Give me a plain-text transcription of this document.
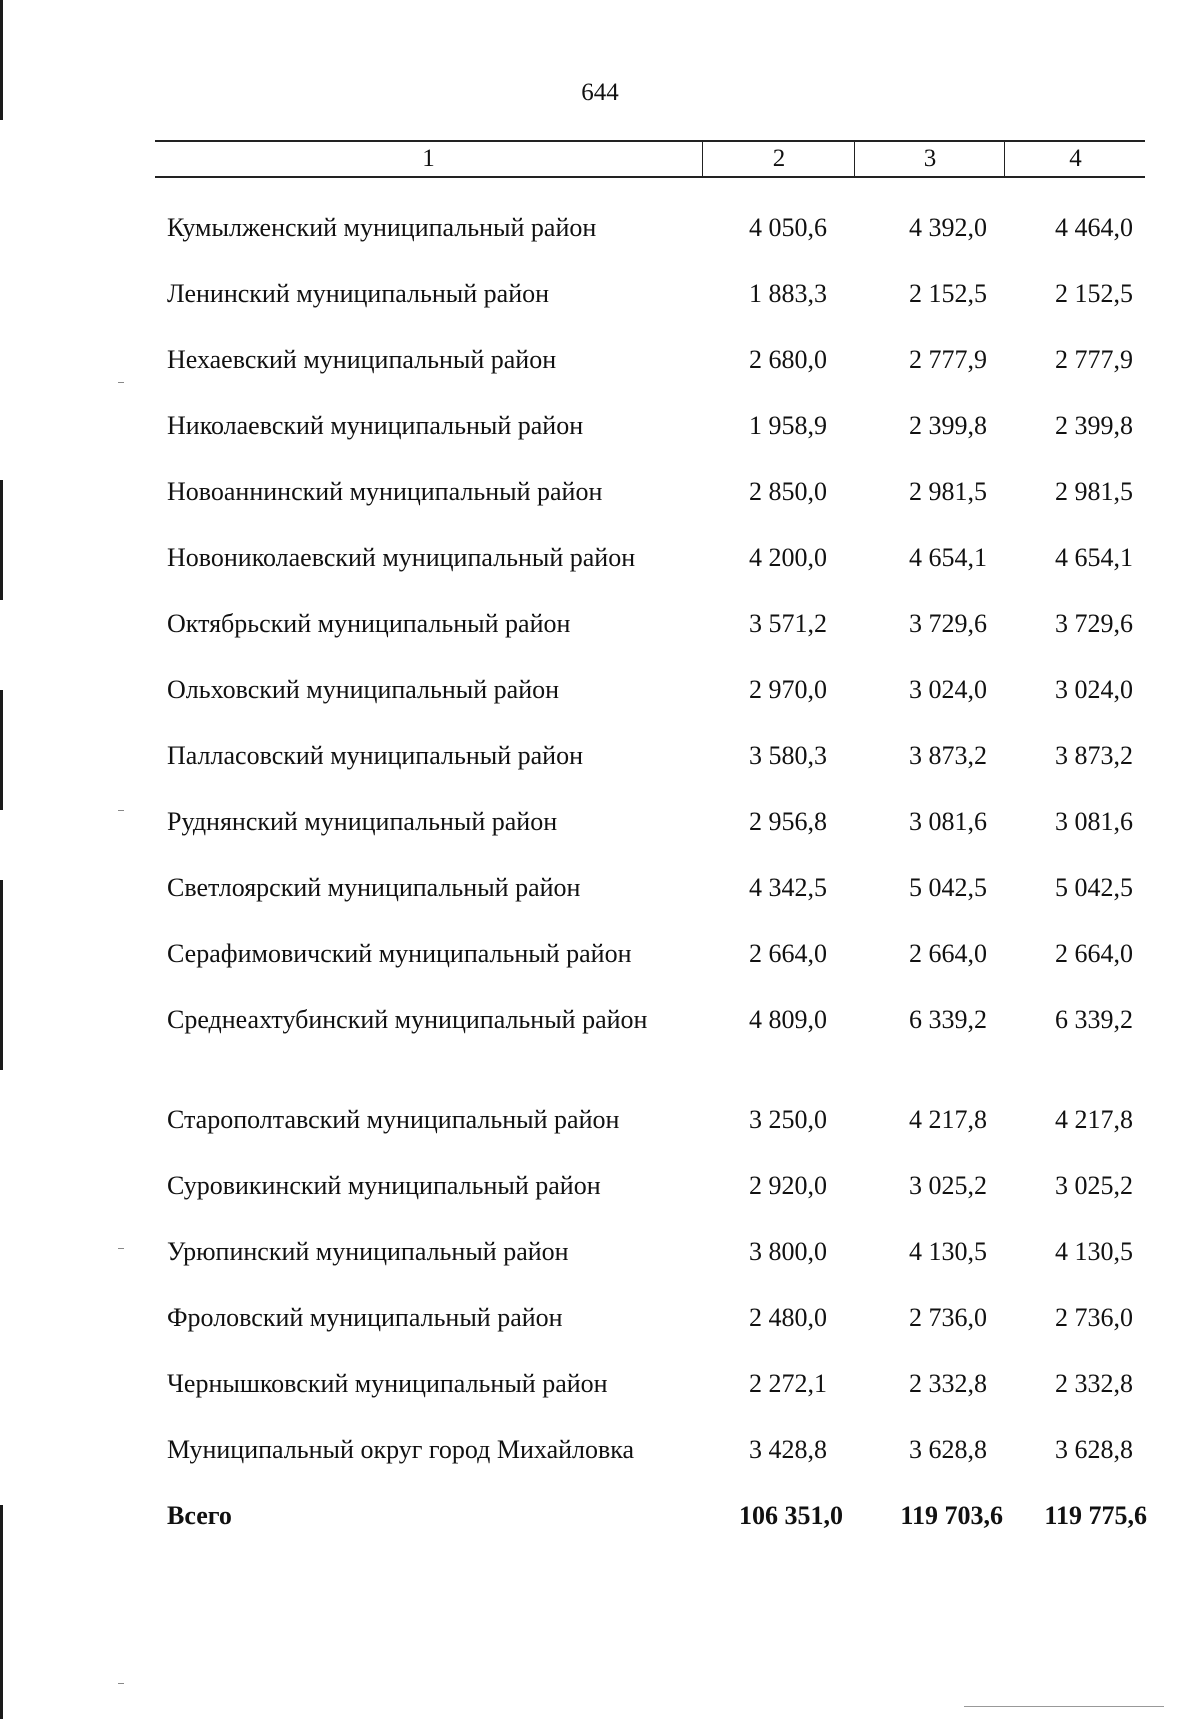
644
1	2	3	4
Кумылженский муниципальный район	4 050,6	4 392,0	4 464,0
Ленинский муниципальный район	1 883,3	2 152,5	2 152,5
Нехаевский муниципальный район	2 680,0	2 777,9	2 777,9
Николаевский муниципальный район	1 958,9	2 399,8	2 399,8
Новоаннинский муниципальный район	2 850,0	2 981,5	2 981,5
Новониколаевский муниципальный район	4 200,0	4 654,1	4 654,1
Октябрьский муниципальный район	3 571,2	3 729,6	3 729,6
Ольховский муниципальный район	2 970,0	3 024,0	3 024,0
Палласовский муниципальный район	3 580,3	3 873,2	3 873,2
Руднянский муниципальный район	2 956,8	3 081,6	3 081,6
Светлоярский муниципальный район	4 342,5	5 042,5	5 042,5
Серафимовичский муниципальный район	2 664,0	2 664,0	2 664,0
Среднеахтубинский муниципальный район	4 809,0	6 339,2	6 339,2
Старополтавский муниципальный район	3 250,0	4 217,8	4 217,8
Суровикинский муниципальный район	2 920,0	3 025,2	3 025,2
Урюпинский муниципальный район	3 800,0	4 130,5	4 130,5
Фроловский муниципальный район	2 480,0	2 736,0	2 736,0
Чернышковский муниципальный район	2 272,1	2 332,8	2 332,8
Муниципальный округ город Михайловка	3 428,8	3 628,8	3 628,8
Всего	106 351,0	119 703,6	119 775,6
